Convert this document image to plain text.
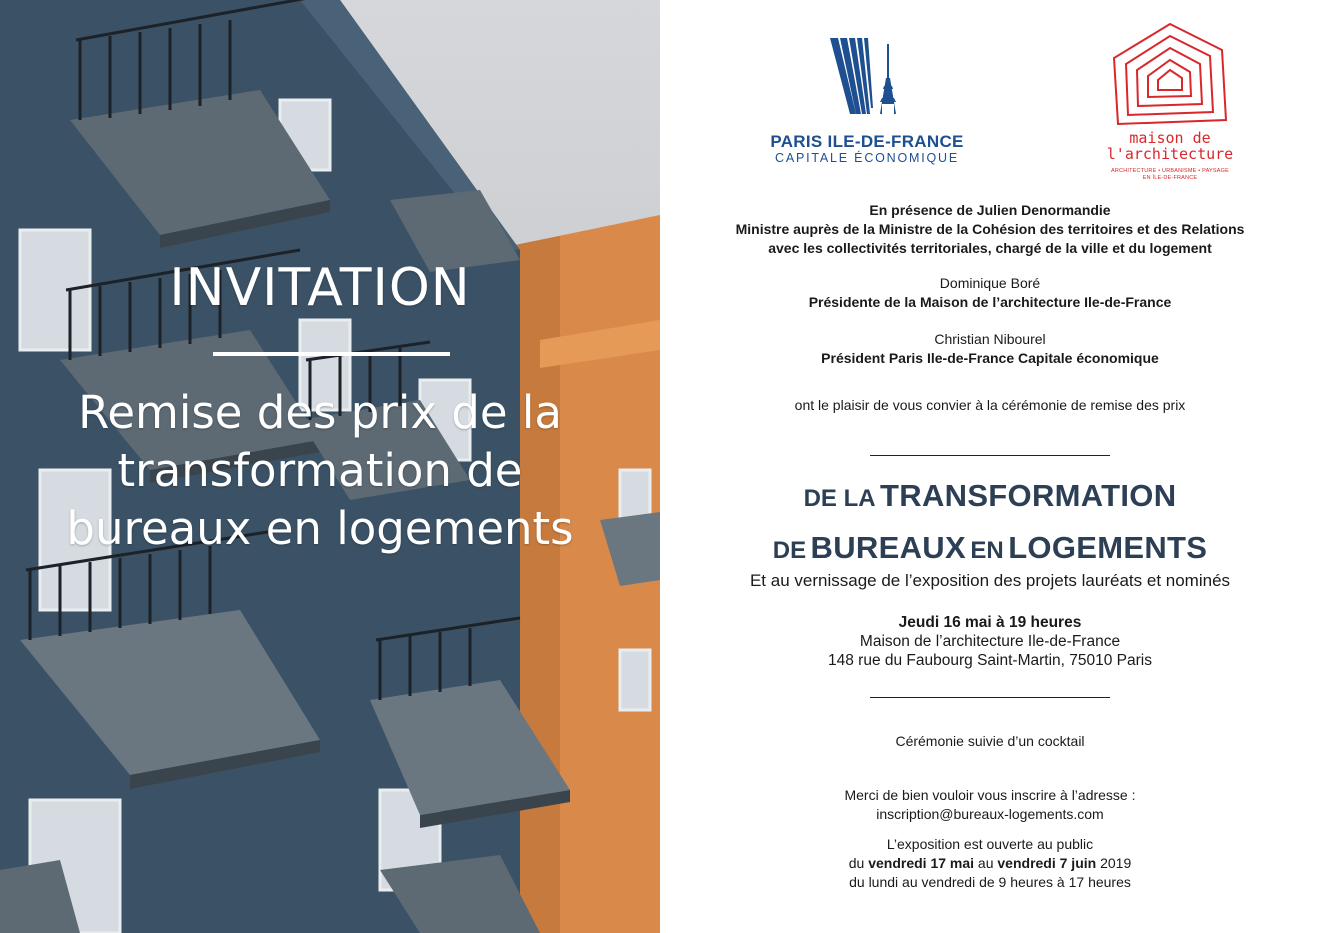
INVITATION
Remise des prix de la transformation de bureaux en logements
PARIS ILE-DE-FRANCE
CAPITALE ÉCONOMIQUE
maison de
l'architecture
ARCHITECTURE • URBANISME • PAYSAGE
EN ÎLE-DE-FRANCE
En présence de Julien Denormandie
Ministre auprès de la Ministre de la Cohésion des territoires et des Relations
avec les collectivités territoriales, chargé de la ville et du logement
Dominique Boré
Présidente de la Maison de l’architecture Ile-de-France
Christian Nibourel
Président Paris Ile-de-France Capitale économique
ont le plaisir de vous convier à la cérémonie de remise des prix
DE LA TRANSFORMATION
DE BUREAUX EN LOGEMENTS
Et au vernissage de l’exposition des projets lauréats et nominés
Jeudi 16 mai à 19 heures
Maison de l’architecture Ile-de-France
148 rue du Faubourg Saint-Martin, 75010 Paris
Cérémonie suivie d’un cocktail
Merci de bien vouloir vous inscrire à l’adresse :
inscription@bureaux-logements.com
L’exposition est ouverte au public
du vendredi 17 mai au vendredi 7 juin 2019
du lundi au vendredi de 9 heures à 17 heures
